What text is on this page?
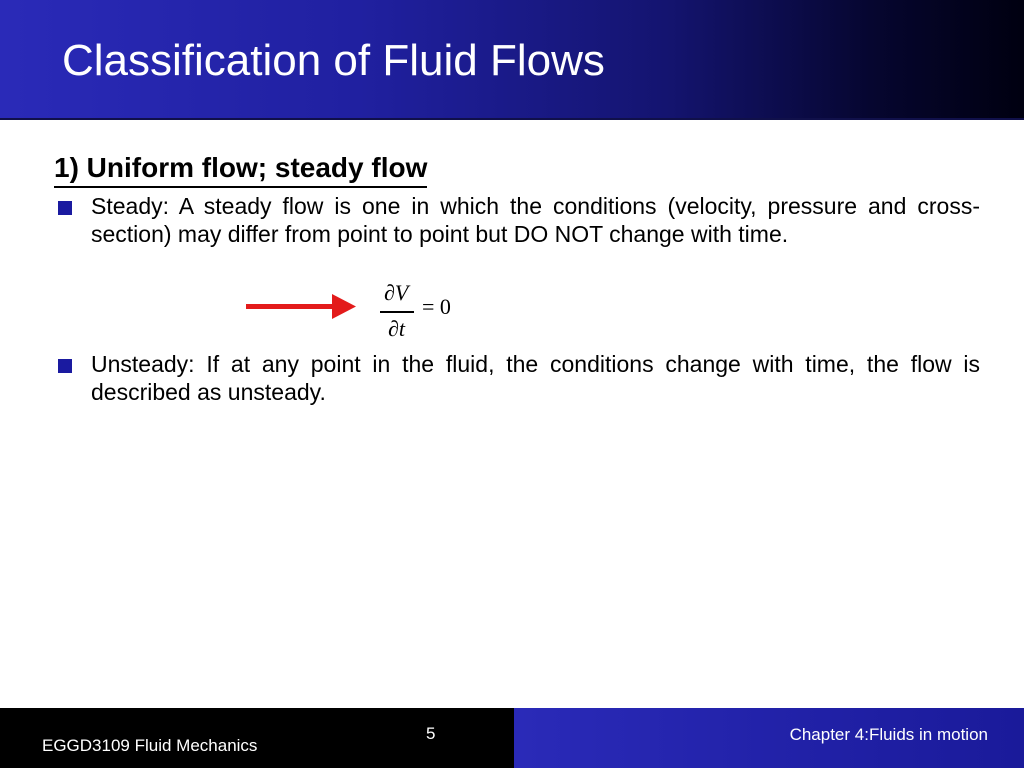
Classification of Fluid Flows
1) Uniform flow; steady flow
Steady: A steady flow is one in which the conditions (velocity, pressure and cross-section) may differ from point to point but DO NOT change with time.
∂V
∂t
= 0
Unsteady: If at any point in the fluid, the conditions change with time, the flow is described as unsteady.
EGGD3109 Fluid Mechanics
5	Chapter 4:Fluids in motion
